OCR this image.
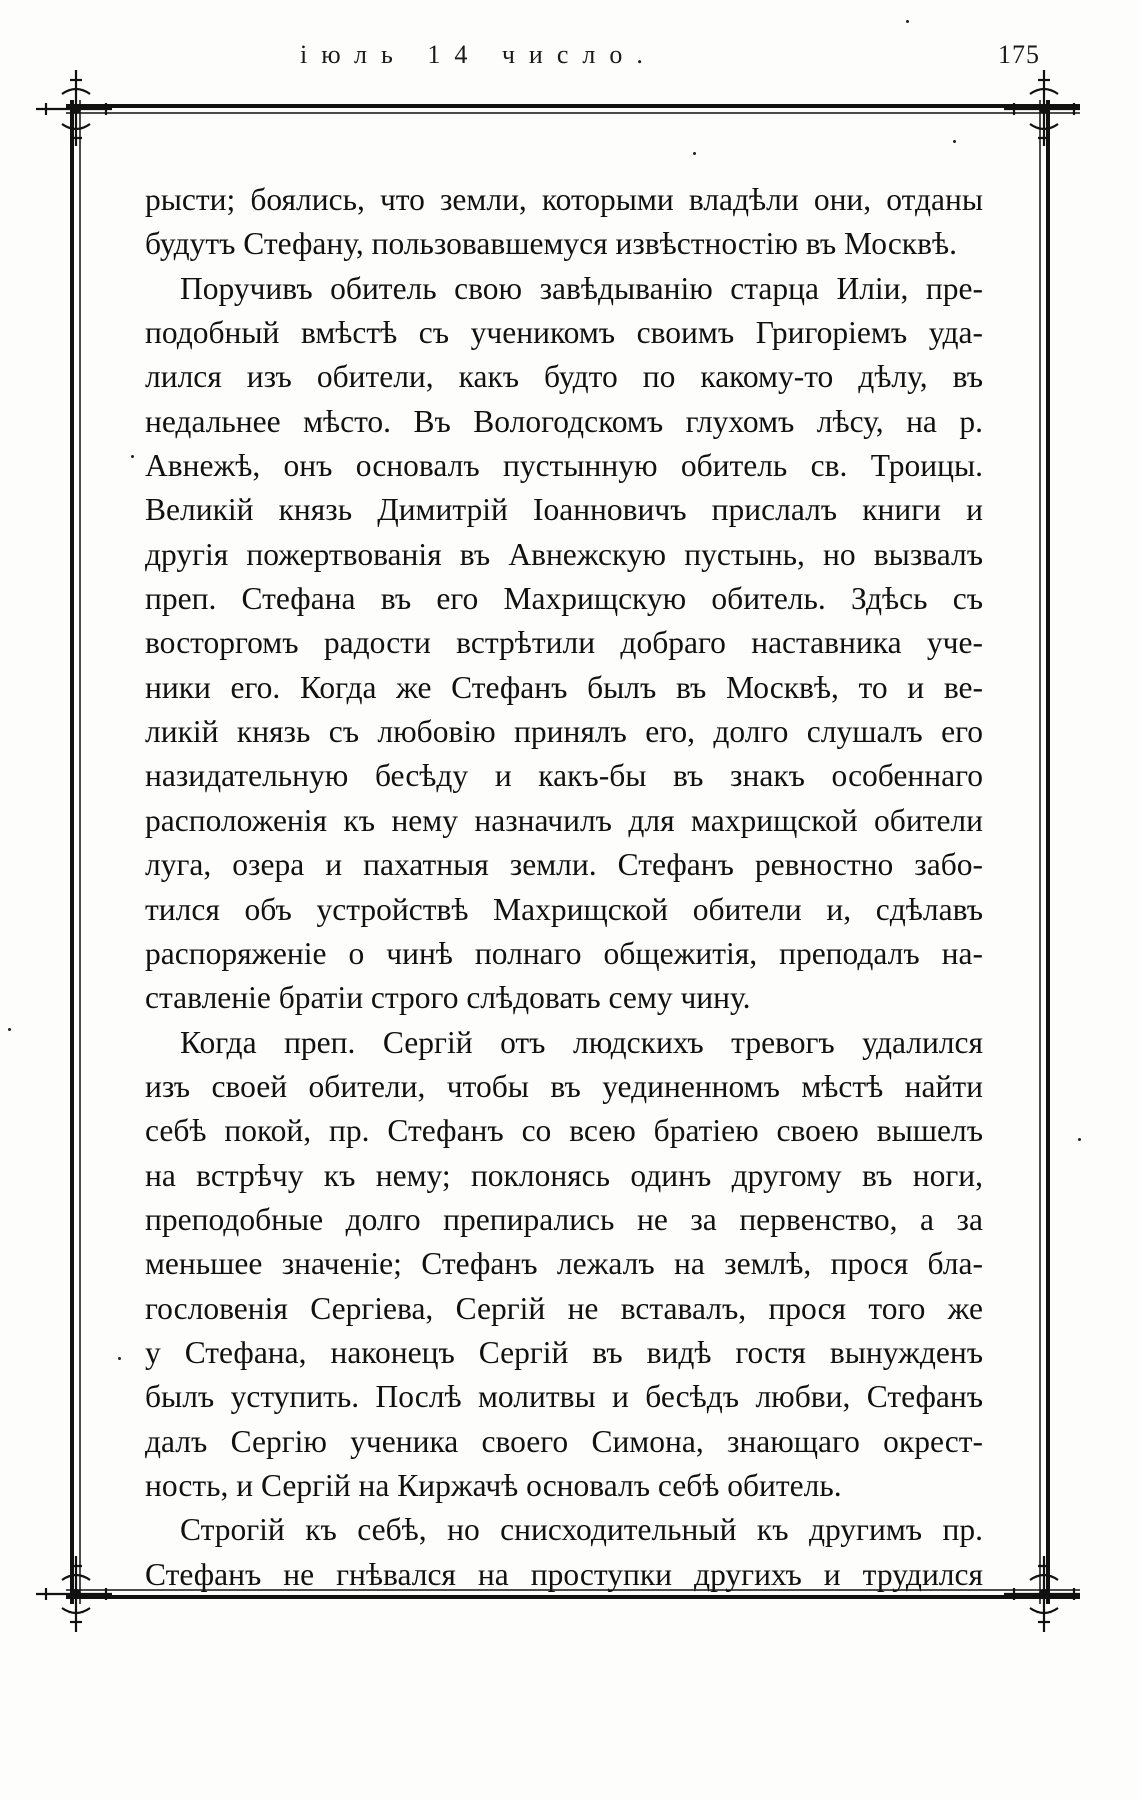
іюль 14 число.	175
рысти; боялись, что земли, которыми владѣли они, отданы
будутъ Стефану, пользовавшемуся извѣстностію въ Москвѣ.
Поручивъ обитель свою завѣдыванію старца Иліи, пре-
подобный вмѣстѣ съ ученикомъ своимъ Григоріемъ уда-
лился изъ обители, какъ будто по какому-то дѣлу, въ
недальнее мѣсто. Въ Вологодскомъ глухомъ лѣсу, на р.
Авнежѣ, онъ основалъ пустынную обитель св. Троицы.
Великій князь Димитрій Іоанновичъ прислалъ книги и
другія пожертвованія въ Авнежскую пустынь, но вызвалъ
преп. Стефана въ его Махрищскую обитель. Здѣсь съ
восторгомъ радости встрѣтили добраго наставника уче-
ники его. Когда же Стефанъ былъ въ Москвѣ, то и ве-
ликій князь съ любовію принялъ его, долго слушалъ его
назидательную бесѣду и какъ-бы въ знакъ особеннаго
расположенія къ нему назначилъ для махрищской обители
луга, озера и пахатныя земли. Стефанъ ревностно забо-
тился объ устройствѣ Махрищской обители и, сдѣлавъ
распоряженіе о чинѣ полнаго общежитія, преподалъ на-
ставленіе братіи строго слѣдовать сему чину.
Когда преп. Сергій отъ людскихъ тревогъ удалился
изъ своей обители, чтобы въ уединенномъ мѣстѣ найти
себѣ покой, пр. Стефанъ со всею братіею своею вышелъ
на встрѣчу къ нему; поклонясь одинъ другому въ ноги,
преподобные долго препирались не за первенство, а за
меньшее значеніе; Стефанъ лежалъ на землѣ, прося бла-
гословенія Сергіева, Сергій не вставалъ, прося того же
у Стефана, наконецъ Сергій въ видѣ гостя вынужденъ
былъ уступить. Послѣ молитвы и бесѣдъ любви, Стефанъ
далъ Сергію ученика своего Симона, знающаго окрест-
ность, и Сергій на Киржачѣ основалъ себѣ обитель.
Строгій къ себѣ, но снисходительный къ другимъ пр.
Стефанъ не гнѣвался на проступки другихъ и трудился
